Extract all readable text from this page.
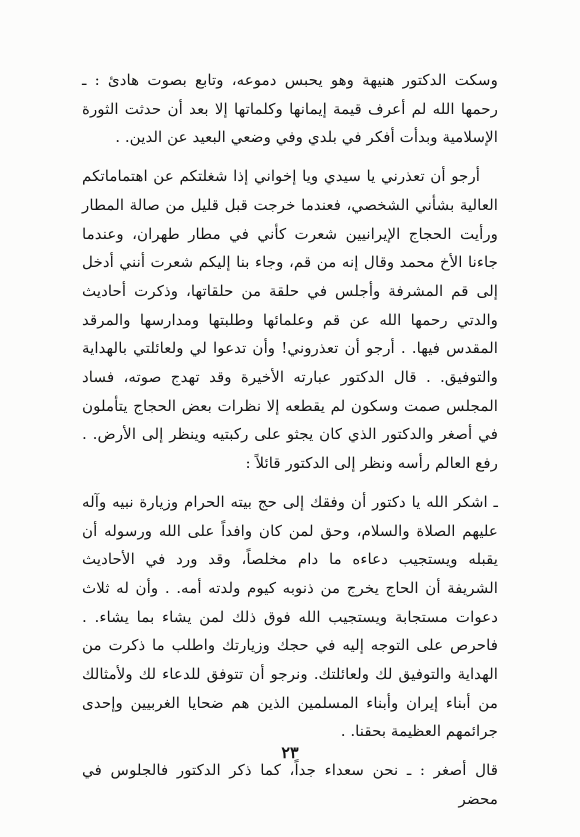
وسكت الدكتور هنيهة وهو يحبس دموعه، وتابع بصوت هادئ : ـ رحمها الله لم أعرف قيمة إيمانها وكلماتها إلا بعد أن حدثت الثورة الإسلامية وبدأت أفكر في بلدي وفي وضعي البعيد عن الدين. .

أرجو أن تعذرني يا سيدي ويا إخواني إذا شغلتكم عن اهتماماتكم العالية بشأني الشخصي، فعندما خرجت قبل قليل من صالة المطار ورأيت الحجاج الإيرانيين شعرت كأني في مطار طهران، وعندما جاءنا الأخ محمد وقال إنه من قم، وجاء بنا إليكم شعرت أنني أدخل إلى قم المشرفة وأجلس في حلقة من حلقاتها، وذكرت أحاديث والدتي رحمها الله عن قم وعلمائها وطلبتها ومدارسها والمرقد المقدس فيها. . أرجو أن تعذروني! وأن تدعوا لي ولعائلتي بالهداية والتوفيق. . قال الدكتور عبارته الأخيرة وقد تهدج صوته، فساد المجلس صمت وسكون لم يقطعه إلا نظرات بعض الحجاج يتأملون في أصغر والدكتور الذي كان يجثو على ركبتيه وينظر إلى الأرض. . رفع العالم رأسه ونظر إلى الدكتور قائلاً :

ـ اشكر الله يا دكتور أن وفقك إلى حج بيته الحرام وزيارة نبيه وآله عليهم الصلاة والسلام، وحق لمن كان وافداً على الله ورسوله أن يقبله ويستجيب دعاءه ما دام مخلصاً، وقد ورد في الأحاديث الشريفة أن الحاج يخرج من ذنوبه كيوم ولدته أمه. . وأن له ثلاث دعوات مستجابة ويستجيب الله فوق ذلك لمن يشاء بما يشاء. . فاحرص على التوجه إليه في حجك وزيارتك واطلب ما ذكرت من الهداية والتوفيق لك ولعائلتك. ونرجو أن تتوفق للدعاء لك ولأمثالك من أبناء إيران وأبناء المسلمين الذين هم ضحايا الغربيين وإحدى جرائمهم العظيمة بحقنا. .

قال أصغر : ـ نحن سعداء جداً، كما ذكر الدكتور فالجلوس في محضر

٢٣
